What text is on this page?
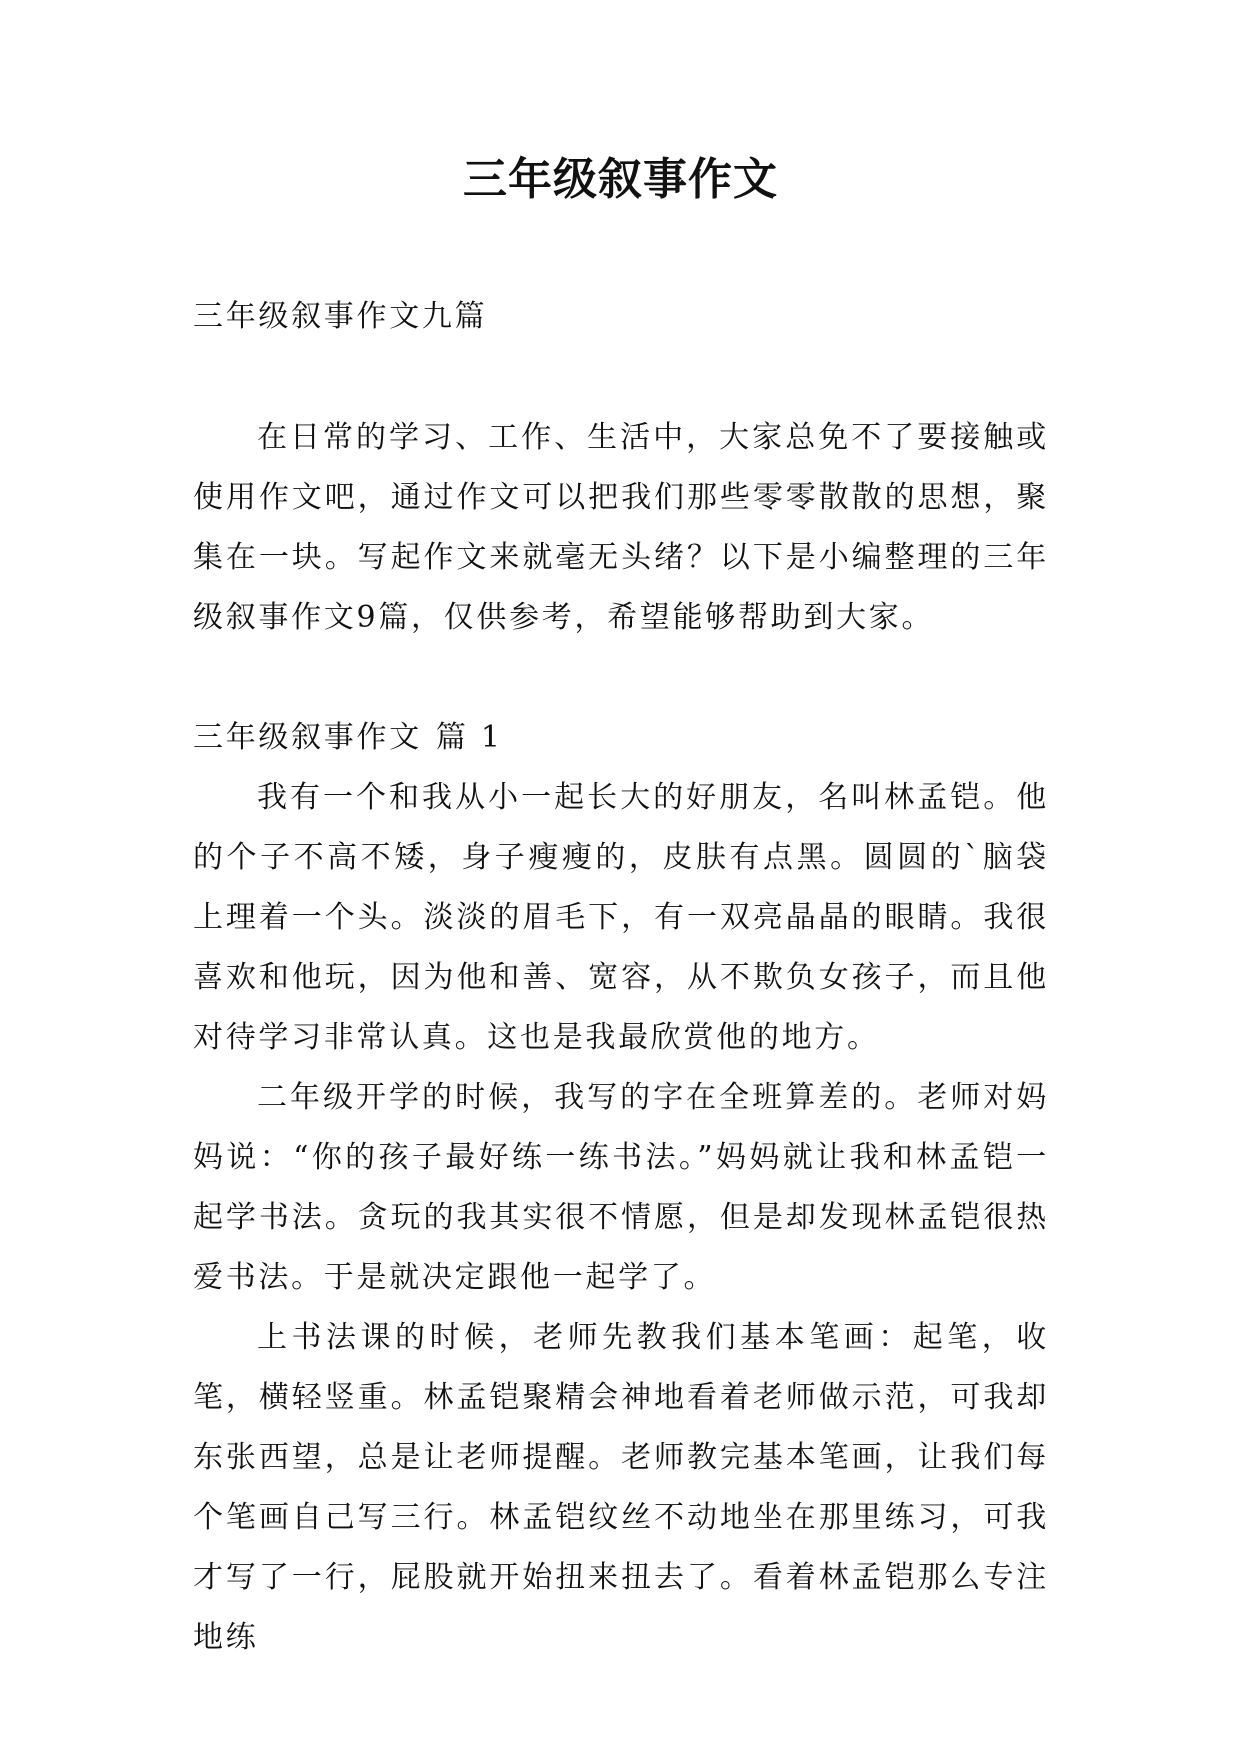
三年级叙事作文

三年级叙事作文九篇

在日常的学习、工作、生活中，大家总免不了要接触或使用作文吧，通过作文可以把我们那些零零散散的思想，聚集在一块。写起作文来就毫无头绪？以下是小编整理的三年级叙事作文9篇，仅供参考，希望能够帮助到大家。

三年级叙事作文 篇 1

我有一个和我从小一起长大的好朋友，名叫林孟铠。他的个子不高不矮，身子瘦瘦的，皮肤有点黑。圆圆的`脑袋上理着一个头。淡淡的眉毛下，有一双亮晶晶的眼睛。我很喜欢和他玩，因为他和善、宽容，从不欺负女孩子，而且他对待学习非常认真。这也是我最欣赏他的地方。

二年级开学的时候，我写的字在全班算差的。老师对妈妈说：“你的孩子最好练一练书法。”妈妈就让我和林孟铠一起学书法。贪玩的我其实很不情愿，但是却发现林孟铠很热爱书法。于是就决定跟他一起学了。

上书法课的时候，老师先教我们基本笔画：起笔，收笔，横轻竖重。林孟铠聚精会神地看着老师做示范，可我却东张西望，总是让老师提醒。老师教完基本笔画，让我们每个笔画自己写三行。林孟铠纹丝不动地坐在那里练习，可我才写了一行，屁股就开始扭来扭去了。看着林孟铠那么专注地练
